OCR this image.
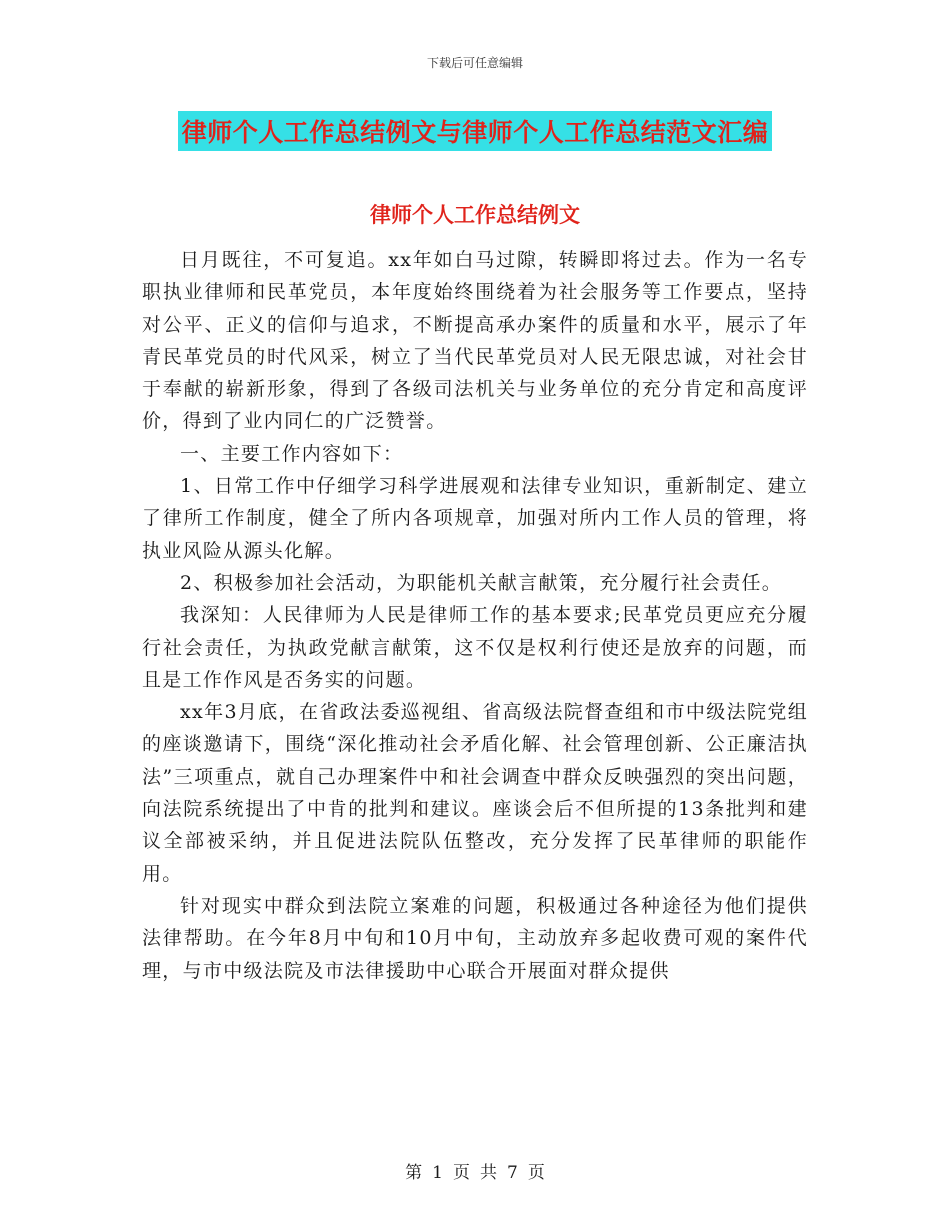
下载后可任意编辑
律师个人工作总结例文与律师个人工作总结范文汇编
律师个人工作总结例文

日月既往，不可复追。xx年如白马过隙，转瞬即将过去。作为一名专职执业律师和民革党员，本年度始终围绕着为社会服务等工作要点，坚持对公平、正义的信仰与追求，不断提高承办案件的质量和水平，展示了年青民革党员的时代风采，树立了当代民革党员对人民无限忠诚，对社会甘于奉献的崭新形象，得到了各级司法机关与业务单位的充分肯定和高度评价，得到了业内同仁的广泛赞誉。

一、主要工作内容如下：

1、日常工作中仔细学习科学进展观和法律专业知识，重新制定、建立了律所工作制度，健全了所内各项规章，加强对所内工作人员的管理，将执业风险从源头化解。

2、积极参加社会活动，为职能机关献言献策，充分履行社会责任。

我深知：人民律师为人民是律师工作的基本要求;民革党员更应充分履行社会责任，为执政党献言献策，这不仅是权利行使还是放弃的问题，而且是工作作风是否务实的问题。

xx年3月底，在省政法委巡视组、省高级法院督查组和市中级法院党组的座谈邀请下，围绕“深化推动社会矛盾化解、社会管理创新、公正廉洁执法”三项重点，就自己办理案件中和社会调查中群众反映强烈的突出问题，向法院系统提出了中肯的批判和建议。座谈会后不但所提的13条批判和建议全部被采纳，并且促进法院队伍整改，充分发挥了民革律师的职能作用。

针对现实中群众到法院立案难的问题，积极通过各种途径为他们提供法律帮助。在今年8月中旬和10月中旬，主动放弃多起收费可观的案件代理，与市中级法院及市法律援助中心联合开展面对群众提供

第 1 页 共 7 页
